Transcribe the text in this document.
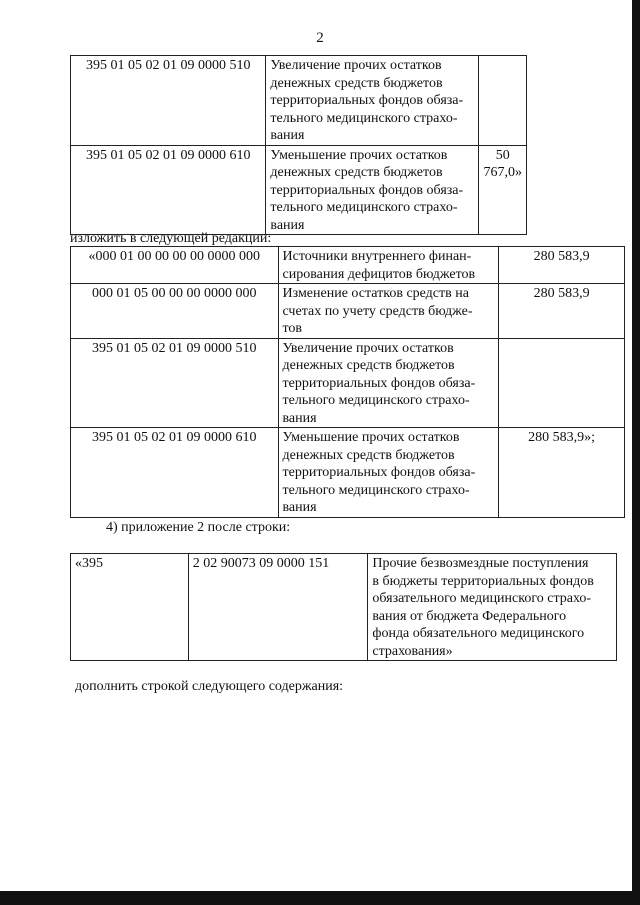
2
395 01 05 02 01 09 0000 510	Увеличение прочих остатков
денежных средств бюджетов
территориальных фондов обяза-
тельного медицинского страхо-
вания	

395 01 05 02 01 09 0000 610	Уменьшение прочих остатков
денежных средств бюджетов
территориальных фондов обяза-
тельного медицинского страхо-
вания	50 767,0»
изложить в следующей редакции:
«000 01 00 00 00 00 0000 000	Источники внутреннего финан-
сирования дефицитов бюджетов	280 583,9
000 01 05 00 00 00 0000 000	Изменение остатков средств на
счетах по учету средств бюдже-
тов	280 583,9
395 01 05 02 01 09 0000 510	Увеличение прочих остатков
денежных средств бюджетов
территориальных фондов обяза-
тельного медицинского страхо-
вания	

395 01 05 02 01 09 0000 610	Уменьшение прочих остатков
денежных средств бюджетов
территориальных фондов обяза-
тельного медицинского страхо-
вания	280 583,9»;
4) приложение 2 после строки:
«395	2 02 90073 09 0000 151	Прочие безвозмездные поступления
в бюджеты территориальных фондов
обязательного медицинского страхо-
вания от бюджета Федерального
фонда обязательного медицинского
страхования»
дополнить строкой следующего содержания:
